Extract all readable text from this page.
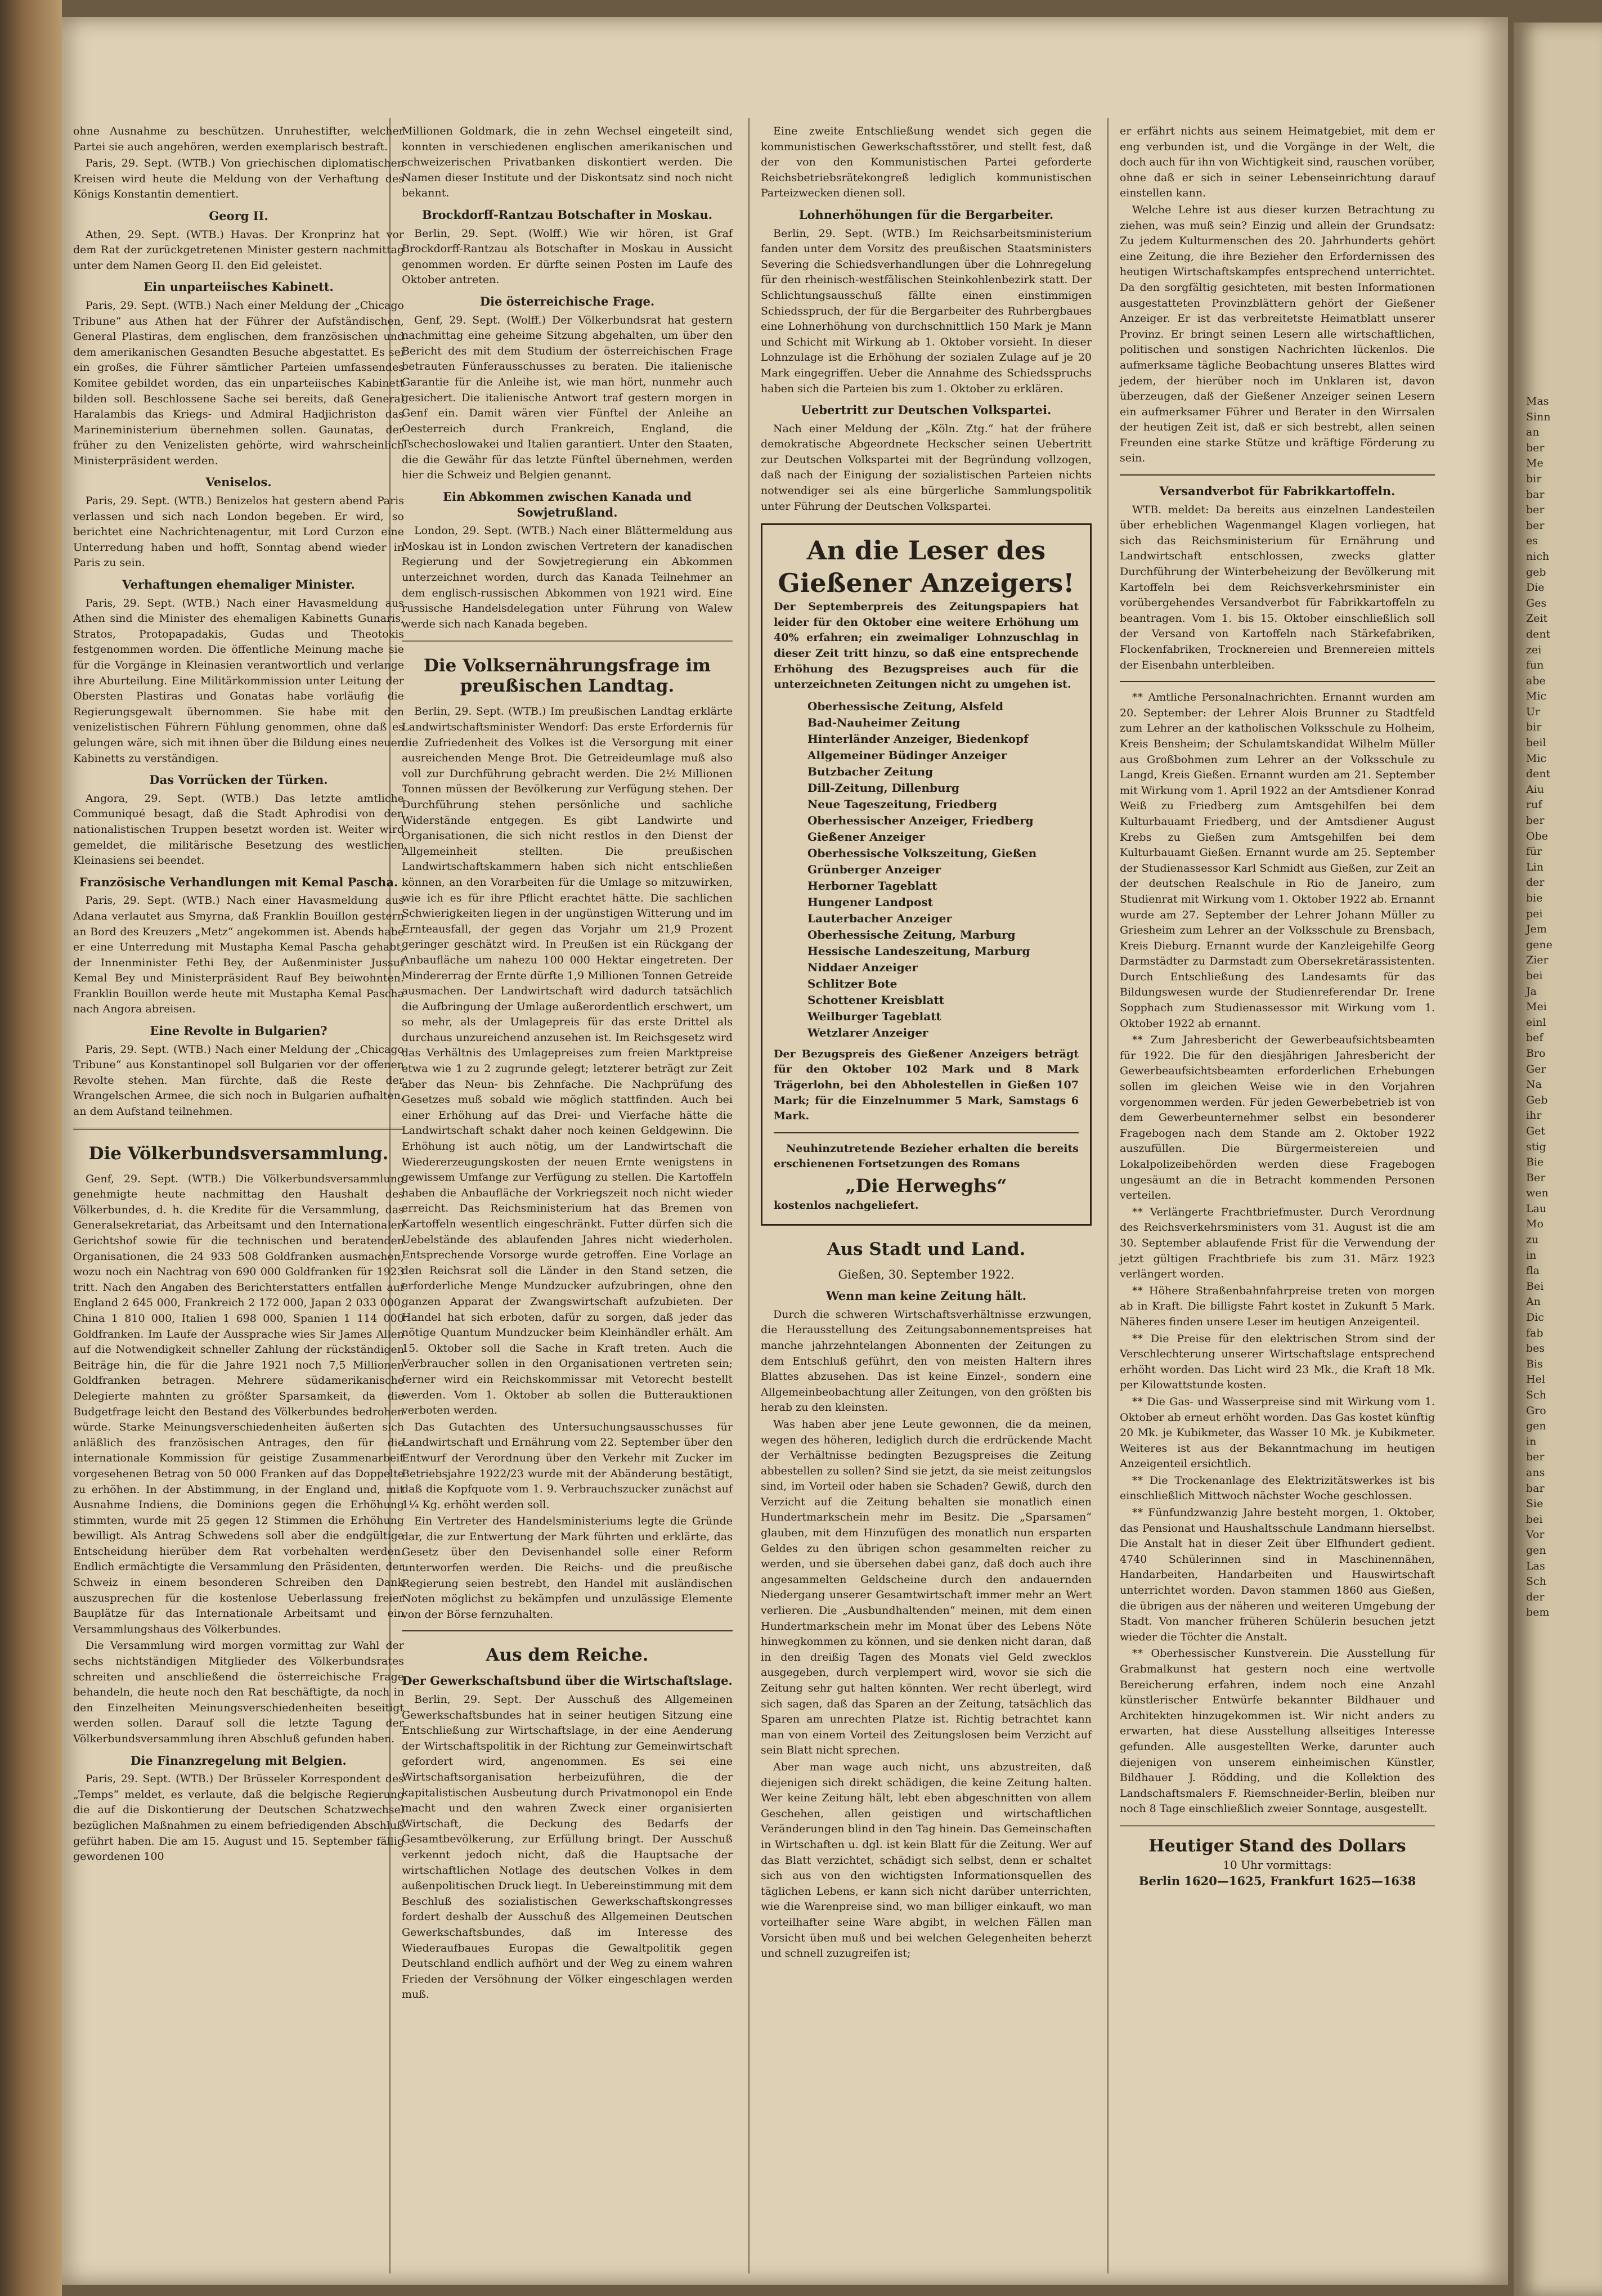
ohne Ausnahme zu beschützen. Unruhestifter, welcher Partei sie auch angehören, werden exemplarisch bestraft.

Paris, 29. Sept. (WTB.) Von griechischen diplomatischen Kreisen wird heute die Meldung von der Verhaftung des Königs Konstantin dementiert.

Georg II.

Athen, 29. Sept. (WTB.) Havas. Der Kronprinz hat vor dem Rat der zurückgetretenen Minister gestern nachmittag unter dem Namen Georg II. den Eid geleistet.

Ein unparteiisches Kabinett.

Paris, 29. Sept. (WTB.) Nach einer Meldung der „Chicago Tribune“ aus Athen hat der Führer der Aufständischen, General Plastiras, dem englischen, dem französischen und dem amerikanischen Gesandten Besuche abgestattet. Es sei ein großes, die Führer sämtlicher Parteien umfassendes Komitee gebildet worden, das ein unparteiisches Kabinett bilden soll. Beschlossene Sache sei bereits, daß General Haralambis das Kriegs- und Admiral Hadjichriston das Marineministerium übernehmen sollen. Gaunatas, der früher zu den Venizelisten gehörte, wird wahrscheinlich Ministerpräsident werden.

Veniselos.

Paris, 29. Sept. (WTB.) Benizelos hat gestern abend Paris verlassen und sich nach London begeben. Er wird, so berichtet eine Nachrichtenagentur, mit Lord Curzon eine Unterredung haben und hofft, Sonntag abend wieder in Paris zu sein.

Verhaftungen ehemaliger Minister.

Paris, 29. Sept. (WTB.) Nach einer Havasmeldung aus Athen sind die Minister des ehemaligen Kabinetts Gunaris, Stratos, Protopapadakis, Gudas und Theotokis festgenommen worden. Die öffentliche Meinung mache sie für die Vorgänge in Kleinasien verantwortlich und verlange ihre Aburteilung. Eine Militärkommission unter Leitung der Obersten Plastiras und Gonatas habe vorläufig die Regierungsgewalt übernommen. Sie habe mit den venizelistischen Führern Fühlung genommen, ohne daß es gelungen wäre, sich mit ihnen über die Bildung eines neuen Kabinetts zu verständigen.

Das Vorrücken der Türken.

Angora, 29. Sept. (WTB.) Das letzte amtliche Communiqué besagt, daß die Stadt Aphrodisi von den nationalistischen Truppen besetzt worden ist. Weiter wird gemeldet, die militärische Besetzung des westlichen Kleinasiens sei beendet.

Französische Verhandlungen mit Kemal Pascha.

Paris, 29. Sept. (WTB.) Nach einer Havasmeldung aus Adana verlautet aus Smyrna, daß Franklin Bouillon gestern an Bord des Kreuzers „Metz“ angekommen ist. Abends habe er eine Unterredung mit Mustapha Kemal Pascha gehabt, der Innenminister Fethi Bey, der Außenminister Jussuf Kemal Bey und Ministerpräsident Rauf Bey beiwohnten. Franklin Bouillon werde heute mit Mustapha Kemal Pascha nach Angora abreisen.

Eine Revolte in Bulgarien?

Paris, 29. Sept. (WTB.) Nach einer Meldung der „Chicago Tribune“ aus Konstantinopel soll Bulgarien vor der offenen Revolte stehen. Man fürchte, daß die Reste der Wrangelschen Armee, die sich noch in Bulgarien aufhalten, an dem Aufstand teilnehmen.

Die Völkerbundsversammlung.

Genf, 29. Sept. (WTB.) Die Völkerbundsversammlung genehmigte heute nachmittag den Haushalt des Völkerbundes, d. h. die Kredite für die Versammlung, das Generalsekretariat, das Arbeitsamt und den Internationalen Gerichtshof sowie für die technischen und beratenden Organisationen, die 24 933 508 Goldfranken ausmachen, wozu noch ein Nachtrag von 690 000 Goldfranken für 1923 tritt. Nach den Angaben des Berichterstatters entfallen auf England 2 645 000, Frankreich 2 172 000, Japan 2 033 000, China 1 810 000, Italien 1 698 000, Spanien 1 114 000 Goldfranken. Im Laufe der Aussprache wies Sir James Allen auf die Notwendigkeit schneller Zahlung der rückständigen Beiträge hin, die für die Jahre 1921 noch 7,5 Millionen Goldfranken betragen. Mehrere südamerikanische Delegierte mahnten zu größter Sparsamkeit, da die Budgetfrage leicht den Bestand des Völkerbundes bedrohen würde. Starke Meinungsverschiedenheiten äußerten sich anläßlich des französischen Antrages, den für die internationale Kommission für geistige Zusammenarbeit vorgesehenen Betrag von 50 000 Franken auf das Doppelte zu erhöhen. In der Abstimmung, in der England und, mit Ausnahme Indiens, die Dominions gegen die Erhöhung stimmten, wurde mit 25 gegen 12 Stimmen die Erhöhung bewilligt. Als Antrag Schwedens soll aber die endgültige Entscheidung hierüber dem Rat vorbehalten werden. Endlich ermächtigte die Versammlung den Präsidenten, der Schweiz in einem besonderen Schreiben den Dank auszusprechen für die kostenlose Ueberlassung freier Bauplätze für das Internationale Arbeitsamt und ein Versammlungshaus des Völkerbundes.

Die Versammlung wird morgen vormittag zur Wahl der sechs nichtständigen Mitglieder des Völkerbundsrates schreiten und anschließend die österreichische Frage behandeln, die heute noch den Rat beschäftigte, da noch in den Einzelheiten Meinungsverschiedenheiten beseitigt werden sollen. Darauf soll die letzte Tagung der Völkerbundsversammlung ihren Abschluß gefunden haben.

Die Finanzregelung mit Belgien.

Paris, 29. Sept. (WTB.) Der Brüsseler Korrespondent des „Temps“ meldet, es verlaute, daß die belgische Regierung die auf die Diskontierung der Deutschen Schatzwechsel bezüglichen Maßnahmen zu einem befriedigenden Abschluß geführt haben. Die am 15. August und 15. September fällig gewordenen 100

Millionen Goldmark, die in zehn Wechsel eingeteilt sind, konnten in verschiedenen englischen amerikanischen und schweizerischen Privatbanken diskontiert werden. Die Namen dieser Institute und der Diskontsatz sind noch nicht bekannt.

Brockdorff-Rantzau Botschafter in Moskau.

Berlin, 29. Sept. (Wolff.) Wie wir hören, ist Graf Brockdorff-Rantzau als Botschafter in Moskau in Aussicht genommen worden. Er dürfte seinen Posten im Laufe des Oktober antreten.

Die österreichische Frage.

Genf, 29. Sept. (Wolff.) Der Völkerbundsrat hat gestern nachmittag eine geheime Sitzung abgehalten, um über den Bericht des mit dem Studium der österreichischen Frage betrauten Fünferausschusses zu beraten. Die italienische Garantie für die Anleihe ist, wie man hört, nunmehr auch gesichert. Die italienische Antwort traf gestern morgen in Genf ein. Damit wären vier Fünftel der Anleihe an Oesterreich durch Frankreich, England, die Tschechoslowakei und Italien garantiert. Unter den Staaten, die die Gewähr für das letzte Fünftel übernehmen, werden hier die Schweiz und Belgien genannt.

Ein Abkommen zwischen Kanada und Sowjetrußland.

London, 29. Sept. (WTB.) Nach einer Blättermeldung aus Moskau ist in London zwischen Vertretern der kanadischen Regierung und der Sowjetregierung ein Abkommen unterzeichnet worden, durch das Kanada Teilnehmer an dem englisch-russischen Abkommen von 1921 wird. Eine russische Handelsdelegation unter Führung von Walew werde sich nach Kanada begeben.

Die Volksernährungsfrage im preußischen Landtag.

Berlin, 29. Sept. (WTB.) Im preußischen Landtag erklärte Landwirtschaftsminister Wendorf: Das erste Erfordernis für die Zufriedenheit des Volkes ist die Versorgung mit einer ausreichenden Menge Brot. Die Getreideumlage muß also voll zur Durchführung gebracht werden. Die 2½ Millionen Tonnen müssen der Bevölkerung zur Verfügung stehen. Der Durchführung stehen persönliche und sachliche Widerstände entgegen. Es gibt Landwirte und Organisationen, die sich nicht restlos in den Dienst der Allgemeinheit stellten. Die preußischen Landwirtschaftskammern haben sich nicht entschließen können, an den Vorarbeiten für die Umlage so mitzuwirken, wie ich es für ihre Pflicht erachtet hätte. Die sachlichen Schwierigkeiten liegen in der ungünstigen Witterung und im Ernteausfall, der gegen das Vorjahr um 21,9 Prozent geringer geschätzt wird. In Preußen ist ein Rückgang der Anbaufläche um nahezu 100 000 Hektar eingetreten. Der Mindererrag der Ernte dürfte 1,9 Millionen Tonnen Getreide ausmachen. Der Landwirtschaft wird dadurch tatsächlich die Aufbringung der Umlage außerordentlich erschwert, um so mehr, als der Umlagepreis für das erste Drittel als durchaus unzureichend anzusehen ist. Im Reichsgesetz wird das Verhältnis des Umlagepreises zum freien Marktpreise etwa wie 1 zu 2 zugrunde gelegt; letzterer beträgt zur Zeit aber das Neun- bis Zehnfache. Die Nachprüfung des Gesetzes muß sobald wie möglich stattfinden. Auch bei einer Erhöhung auf das Drei- und Vierfache hätte die Landwirtschaft schakt daher noch keinen Geldgewinn. Die Erhöhung ist auch nötig, um der Landwirtschaft die Wiedererzeugungskosten der neuen Ernte wenigstens in gewissem Umfange zur Verfügung zu stellen. Die Kartoffeln haben die Anbaufläche der Vorkriegszeit noch nicht wieder erreicht. Das Reichsministerium hat das Bremen von Kartoffeln wesentlich eingeschränkt. Futter dürfen sich die Uebelstände des ablaufenden Jahres nicht wiederholen. Entsprechende Vorsorge wurde getroffen. Eine Vorlage an den Reichsrat soll die Länder in den Stand setzen, die erforderliche Menge Mundzucker aufzubringen, ohne den ganzen Apparat der Zwangswirtschaft aufzubieten. Der Handel hat sich erboten, dafür zu sorgen, daß jeder das nötige Quantum Mundzucker beim Kleinhändler erhält. Am 15. Oktober soll die Sache in Kraft treten. Auch die Verbraucher sollen in den Organisationen vertreten sein; ferner wird ein Reichskommissar mit Vetorecht bestellt werden. Vom 1. Oktober ab sollen die Butterauktionen verboten werden.

Das Gutachten des Untersuchungsausschusses für Landwirtschaft und Ernährung vom 22. September über den Entwurf der Verordnung über den Verkehr mit Zucker im Betriebsjahre 1922/23 wurde mit der Abänderung bestätigt, daß die Kopfquote vom 1. 9. Verbrauchszucker zunächst auf 1¼ Kg. erhöht werden soll.

Ein Vertreter des Handelsministeriums legte die Gründe dar, die zur Entwertung der Mark führten und erklärte, das Gesetz über den Devisenhandel solle einer Reform unterworfen werden. Die Reichs- und die preußische Regierung seien bestrebt, den Handel mit ausländischen Noten möglichst zu bekämpfen und unzulässige Elemente von der Börse fernzuhalten.

Aus dem Reiche.
Der Gewerkschaftsbund über die Wirtschaftslage.

Berlin, 29. Sept. Der Ausschuß des Allgemeinen Gewerkschaftsbundes hat in seiner heutigen Sitzung eine Entschließung zur Wirtschaftslage, in der eine Aenderung der Wirtschaftspolitik in der Richtung zur Gemeinwirtschaft gefordert wird, angenommen. Es sei eine Wirtschaftsorganisation herbeizuführen, die der kapitalistischen Ausbeutung durch Privatmonopol ein Ende macht und den wahren Zweck einer organisierten Wirtschaft, die Deckung des Bedarfs der Gesamtbevölkerung, zur Erfüllung bringt. Der Ausschuß verkennt jedoch nicht, daß die Hauptsache der wirtschaftlichen Notlage des deutschen Volkes in dem außenpolitischen Druck liegt. In Uebereinstimmung mit dem Beschluß des sozialistischen Gewerkschaftskongresses fordert deshalb der Ausschuß des Allgemeinen Deutschen Gewerkschaftsbundes, daß im Interesse des Wiederaufbaues Europas die Gewaltpolitik gegen Deutschland endlich aufhört und der Weg zu einem wahren Frieden der Versöhnung der Völker eingeschlagen werden muß.

Eine zweite Entschließung wendet sich gegen die kommunistischen Gewerkschaftsstörer, und stellt fest, daß der von den Kommunistischen Partei geforderte Reichsbetriebsrätekongreß lediglich kommunistischen Parteizwecken dienen soll.

Lohnerhöhungen für die Bergarbeiter.

Berlin, 29. Sept. (WTB.) Im Reichsarbeitsministerium fanden unter dem Vorsitz des preußischen Staatsministers Severing die Schiedsverhandlungen über die Lohnregelung für den rheinisch-westfälischen Steinkohlenbezirk statt. Der Schlichtungsausschuß fällte einen einstimmigen Schiedsspruch, der für die Bergarbeiter des Ruhrbergbaues eine Lohnerhöhung von durchschnittlich 150 Mark je Mann und Schicht mit Wirkung ab 1. Oktober vorsieht. In dieser Lohnzulage ist die Erhöhung der sozialen Zulage auf je 20 Mark eingegriffen. Ueber die Annahme des Schiedsspruchs haben sich die Parteien bis zum 1. Oktober zu erklären.

Uebertritt zur Deutschen Volkspartei.

Nach einer Meldung der „Köln. Ztg.“ hat der frühere demokratische Abgeordnete Heckscher seinen Uebertritt zur Deutschen Volkspartei mit der Begründung vollzogen, daß nach der Einigung der sozialistischen Parteien nichts notwendiger sei als eine bürgerliche Sammlungspolitik unter Führung der Deutschen Volkspartei.

An die Leser des Gießener Anzeigers!

Der Septemberpreis des Zeitungspapiers hat leider für den Oktober eine weitere Erhöhung um 40% erfahren; ein zweimaliger Lohnzuschlag in dieser Zeit tritt hinzu, so daß eine entsprechende Erhöhung des Bezugspreises auch für die unterzeichneten Zeitungen nicht zu umgehen ist.

Oberhessische Zeitung, Alsfeld
Bad-Nauheimer Zeitung
Hinterländer Anzeiger, Biedenkopf
Allgemeiner Büdinger Anzeiger
Butzbacher Zeitung
Dill-Zeitung, Dillenburg
Neue Tageszeitung, Friedberg
Oberhessischer Anzeiger, Friedberg
Gießener Anzeiger
Oberhessische Volkszeitung, Gießen
Grünberger Anzeiger
Herborner Tageblatt
Hungener Landpost
Lauterbacher Anzeiger
Oberhessische Zeitung, Marburg
Hessische Landeszeitung, Marburg
Niddaer Anzeiger
Schlitzer Bote
Schottener Kreisblatt
Weilburger Tageblatt
Wetzlarer Anzeiger

Der Bezugspreis des Gießener Anzeigers beträgt für den Oktober 102 Mark und 8 Mark Trägerlohn, bei den Abholestellen in Gießen 107 Mark; für die Einzelnummer 5 Mark, Samstags 6 Mark.

Neuhinzutretende Bezieher erhalten die bereits erschienenen Fortsetzungen des Romans

„Die Herweghs“

kostenlos nachgeliefert.

Aus Stadt und Land.
Gießen, 30. September 1922.
Wenn man keine Zeitung hält.

Durch die schweren Wirtschaftsverhältnisse erzwungen, die Herausstellung des Zeitungsabonnementspreises hat manche jahrzehntelangen Abonnenten der Zeitungen zu dem Entschluß geführt, den von meisten Haltern ihres Blattes abzusehen. Das ist keine Einzel-, sondern eine Allgemeinbeobachtung aller Zeitungen, von den größten bis herab zu den kleinsten.

Was haben aber jene Leute gewonnen, die da meinen, wegen des höheren, lediglich durch die erdrückende Macht der Verhältnisse bedingten Bezugspreises die Zeitung abbestellen zu sollen? Sind sie jetzt, da sie meist zeitungslos sind, im Vorteil oder haben sie Schaden? Gewiß, durch den Verzicht auf die Zeitung behalten sie monatlich einen Hundertmarkschein mehr im Besitz. Die „Sparsamen“ glauben, mit dem Hinzufügen des monatlich nun ersparten Geldes zu den übrigen schon gesammelten reicher zu werden, und sie übersehen dabei ganz, daß doch auch ihre angesammelten Geldscheine durch den andauernden Niedergang unserer Gesamtwirtschaft immer mehr an Wert verlieren. Die „Ausbundhaltenden“ meinen, mit dem einen Hundertmarkschein mehr im Monat über des Lebens Nöte hinwegkommen zu können, und sie denken nicht daran, daß in den dreißig Tagen des Monats viel Geld zwecklos ausgegeben, durch verplempert wird, wovor sie sich die Zeitung sehr gut halten könnten. Wer recht überlegt, wird sich sagen, daß das Sparen an der Zeitung, tatsächlich das Sparen am unrechten Platze ist. Richtig betrachtet kann man von einem Vorteil des Zeitungslosen beim Verzicht auf sein Blatt nicht sprechen.

Aber man wage auch nicht, uns abzustreiten, daß diejenigen sich direkt schädigen, die keine Zeitung halten. Wer keine Zeitung hält, lebt eben abgeschnitten von allem Geschehen, allen geistigen und wirtschaftlichen Veränderungen blind in den Tag hinein. Das Gemeinschaften in Wirtschaften u. dgl. ist kein Blatt für die Zeitung. Wer auf das Blatt verzichtet, schädigt sich selbst, denn er schaltet sich aus von den wichtigsten Informationsquellen des täglichen Lebens, er kann sich nicht darüber unterrichten, wie die Warenpreise sind, wo man billiger einkauft, wo man vorteilhafter seine Ware abgibt, in welchen Fällen man Vorsicht üben muß und bei welchen Gelegenheiten beherzt und schnell zuzugreifen ist;

er erfährt nichts aus seinem Heimatgebiet, mit dem er eng verbunden ist, und die Vorgänge in der Welt, die doch auch für ihn von Wichtigkeit sind, rauschen vorüber, ohne daß er sich in seiner Lebenseinrichtung darauf einstellen kann.

Welche Lehre ist aus dieser kurzen Betrachtung zu ziehen, was muß sein? Einzig und allein der Grundsatz: Zu jedem Kulturmenschen des 20. Jahrhunderts gehört eine Zeitung, die ihre Bezieher den Erfordernissen des heutigen Wirtschaftskampfes entsprechend unterrichtet. Da den sorgfältig gesichteten, mit besten Informationen ausgestatteten Provinzblättern gehört der Gießener Anzeiger. Er ist das verbreitetste Heimatblatt unserer Provinz. Er bringt seinen Lesern alle wirtschaftlichen, politischen und sonstigen Nachrichten lückenlos. Die aufmerksame tägliche Beobachtung unseres Blattes wird jedem, der hierüber noch im Unklaren ist, davon überzeugen, daß der Gießener Anzeiger seinen Lesern ein aufmerksamer Führer und Berater in den Wirrsalen der heutigen Zeit ist, daß er sich bestrebt, allen seinen Freunden eine starke Stütze und kräftige Förderung zu sein.

Versandverbot für Fabrikkartoffeln.

WTB. meldet: Da bereits aus einzelnen Landesteilen über erheblichen Wagenmangel Klagen vorliegen, hat sich das Reichsministerium für Ernährung und Landwirtschaft entschlossen, zwecks glatter Durchführung der Winterbeheizung der Bevölkerung mit Kartoffeln bei dem Reichsverkehrsminister ein vorübergehendes Versandverbot für Fabrikkartoffeln zu beantragen. Vom 1. bis 15. Oktober einschließlich soll der Versand von Kartoffeln nach Stärkefabriken, Flockenfabriken, Trocknereien und Brennereien mittels der Eisenbahn unterbleiben.

** Amtliche Personalnachrichten. Ernannt wurden am 20. September: der Lehrer Alois Brunner zu Stadtfeld zum Lehrer an der katholischen Volksschule zu Holheim, Kreis Bensheim; der Schulamtskandidat Wilhelm Müller aus Großbohmen zum Lehrer an der Volksschule zu Langd, Kreis Gießen. Ernannt wurden am 21. September mit Wirkung vom 1. April 1922 an der Amtsdiener Konrad Weiß zu Friedberg zum Amtsgehilfen bei dem Kulturbauamt Friedberg, und der Amtsdiener August Krebs zu Gießen zum Amtsgehilfen bei dem Kulturbauamt Gießen. Ernannt wurde am 25. September der Studienassessor Karl Schmidt aus Gießen, zur Zeit an der deutschen Realschule in Rio de Janeiro, zum Studienrat mit Wirkung vom 1. Oktober 1922 ab. Ernannt wurde am 27. September der Lehrer Johann Müller zu Griesheim zum Lehrer an der Volksschule zu Brensbach, Kreis Dieburg. Ernannt wurde der Kanzleigehilfe Georg Darmstädter zu Darmstadt zum Obersekretärassistenten. Durch Entschließung des Landesamts für das Bildungswesen wurde der Studienreferendar Dr. Irene Sopphach zum Studienassessor mit Wirkung vom 1. Oktober 1922 ab ernannt.

** Zum Jahresbericht der Gewerbeaufsichtsbeamten für 1922. Die für den diesjährigen Jahresbericht der Gewerbeaufsichtsbeamten erforderlichen Erhebungen sollen im gleichen Weise wie in den Vorjahren vorgenommen werden. Für jeden Gewerbebetrieb ist von dem Gewerbeunternehmer selbst ein besonderer Fragebogen nach dem Stande am 2. Oktober 1922 auszufüllen. Die Bürgermeistereien und Lokalpolizeibehörden werden diese Fragebogen ungesäumt an die in Betracht kommenden Personen verteilen.

** Verlängerte Frachtbriefmuster. Durch Verordnung des Reichsverkehrsministers vom 31. August ist die am 30. September ablaufende Frist für die Verwendung der jetzt gültigen Frachtbriefe bis zum 31. März 1923 verlängert worden.

** Höhere Straßenbahnfahrpreise treten von morgen ab in Kraft. Die billigste Fahrt kostet in Zukunft 5 Mark. Näheres finden unsere Leser im heutigen Anzeigenteil.

** Die Preise für den elektrischen Strom sind der Verschlechterung unserer Wirtschaftslage entsprechend erhöht worden. Das Licht wird 23 Mk., die Kraft 18 Mk. per Kilowattstunde kosten.

** Die Gas- und Wasserpreise sind mit Wirkung vom 1. Oktober ab erneut erhöht worden. Das Gas kostet künftig 20 Mk. je Kubikmeter, das Wasser 10 Mk. je Kubikmeter. Weiteres ist aus der Bekanntmachung im heutigen Anzeigenteil ersichtlich.

** Die Trockenanlage des Elektrizitätswerkes ist bis einschließlich Mittwoch nächster Woche geschlossen.

** Fünfundzwanzig Jahre besteht morgen, 1. Oktober, das Pensionat und Haushaltsschule Landmann hierselbst. Die Anstalt hat in dieser Zeit über Elfhundert gedient. 4740 Schülerinnen sind in Maschinennähen, Handarbeiten, Handarbeiten und Hauswirtschaft unterrichtet worden. Davon stammen 1860 aus Gießen, die übrigen aus der näheren und weiteren Umgebung der Stadt. Von mancher früheren Schülerin besuchen jetzt wieder die Töchter die Anstalt.

** Oberhessischer Kunstverein. Die Ausstellung für Grabmalkunst hat gestern noch eine wertvolle Bereicherung erfahren, indem noch eine Anzahl künstlerischer Entwürfe bekannter Bildhauer und Architekten hinzugekommen ist. Wir nicht anders zu erwarten, hat diese Ausstellung allseitiges Interesse gefunden. Alle ausgestellten Werke, darunter auch diejenigen von unserem einheimischen Künstler, Bildhauer J. Rödding, und die Kollektion des Landschaftsmalers F. Riemschneider-Berlin, bleiben nur noch 8 Tage einschließlich zweier Sonntage, ausgestellt.

Heutiger Stand des Dollars
10 Uhr vormittags:
Berlin 1620—1625, Frankfurt 1625—1638
Mas
Sinn
an
ber
Me
bir
bar
ber
ber
es
nich
geb
Die
Ges
Zeit
dent
zei
fun
abe
Mic
Ur
bir
beil
Mic
dent
Aiu
ruf
ber
Obe
für
Lin
der
bie
pei
Jem
gene
Zier
bei
Ja
Mei
einl
bef
Bro
Ger
Na
Geb
ihr
Get
stig
Bie
Ber
wen
Lau
Mo
zu
in
fla
Bei
An
Dic
fab
bes
Bis
Hel
Sch
Gro
gen
in
ber
ans
bar
Sie
bei
Vor
gen
Las
Sch
der
bem
